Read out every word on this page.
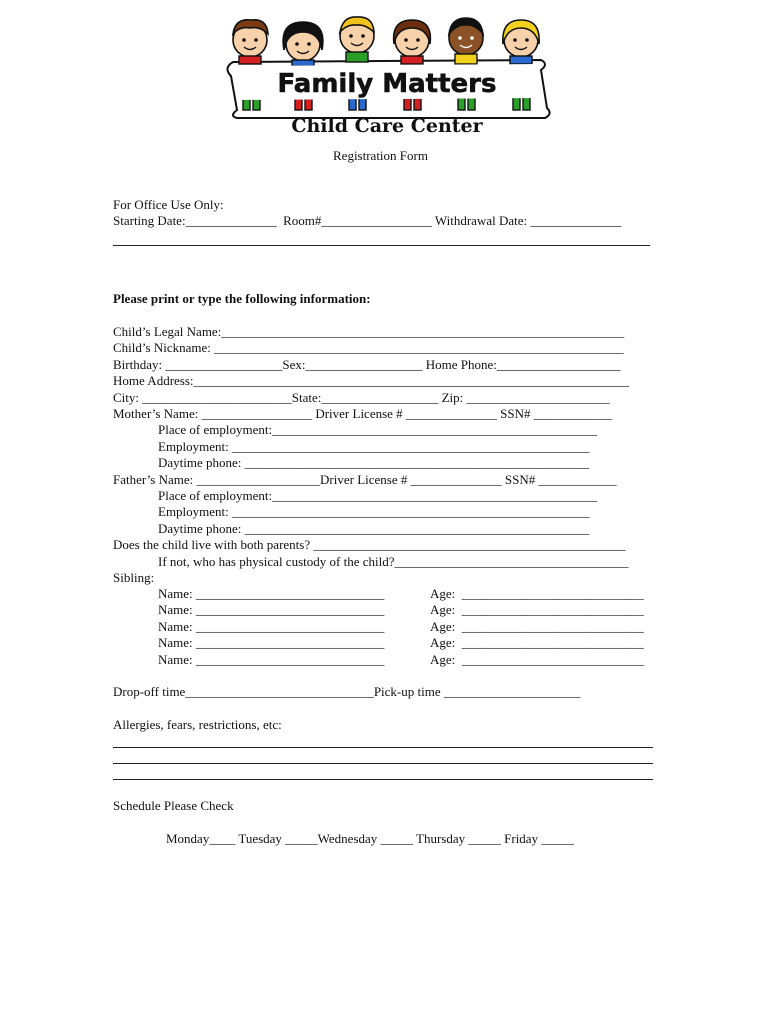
Family Matters
Child Care Center
Registration Form
For Office Use Only:
Starting Date:______________  Room#_________________ Withdrawal Date: ______________
Please print or type the following information:
Child’s Legal Name:______________________________________________________________
Child’s Nickname: _______________________________________________________________
Birthday: __________________Sex:__________________ Home Phone:___________________
Home Address:___________________________________________________________________
City: _______________________State:__________________ Zip: ______________________
Mother’s Name: _________________ Driver License # ______________ SSN# ____________
Place of employment:__________________________________________________
Employment: _______________________________________________________
Daytime phone: _____________________________________________________
Father’s Name: ___________________Driver License # ______________ SSN# ____________
Place of employment:__________________________________________________
Employment: _______________________________________________________
Daytime phone: _____________________________________________________
Does the child live with both parents? ________________________________________________
If not, who has physical custody of the child?____________________________________
Sibling:
Name: _____________________________	Age:  ____________________________
Name: _____________________________	Age:  ____________________________
Name: _____________________________	Age:  ____________________________
Name: _____________________________	Age:  ____________________________
Name: _____________________________	Age:  ____________________________
Drop-off time_____________________________Pick-up time _____________________
Allergies, fears, restrictions, etc:
Schedule Please Check
Monday____ Tuesday _____Wednesday _____ Thursday _____ Friday _____
